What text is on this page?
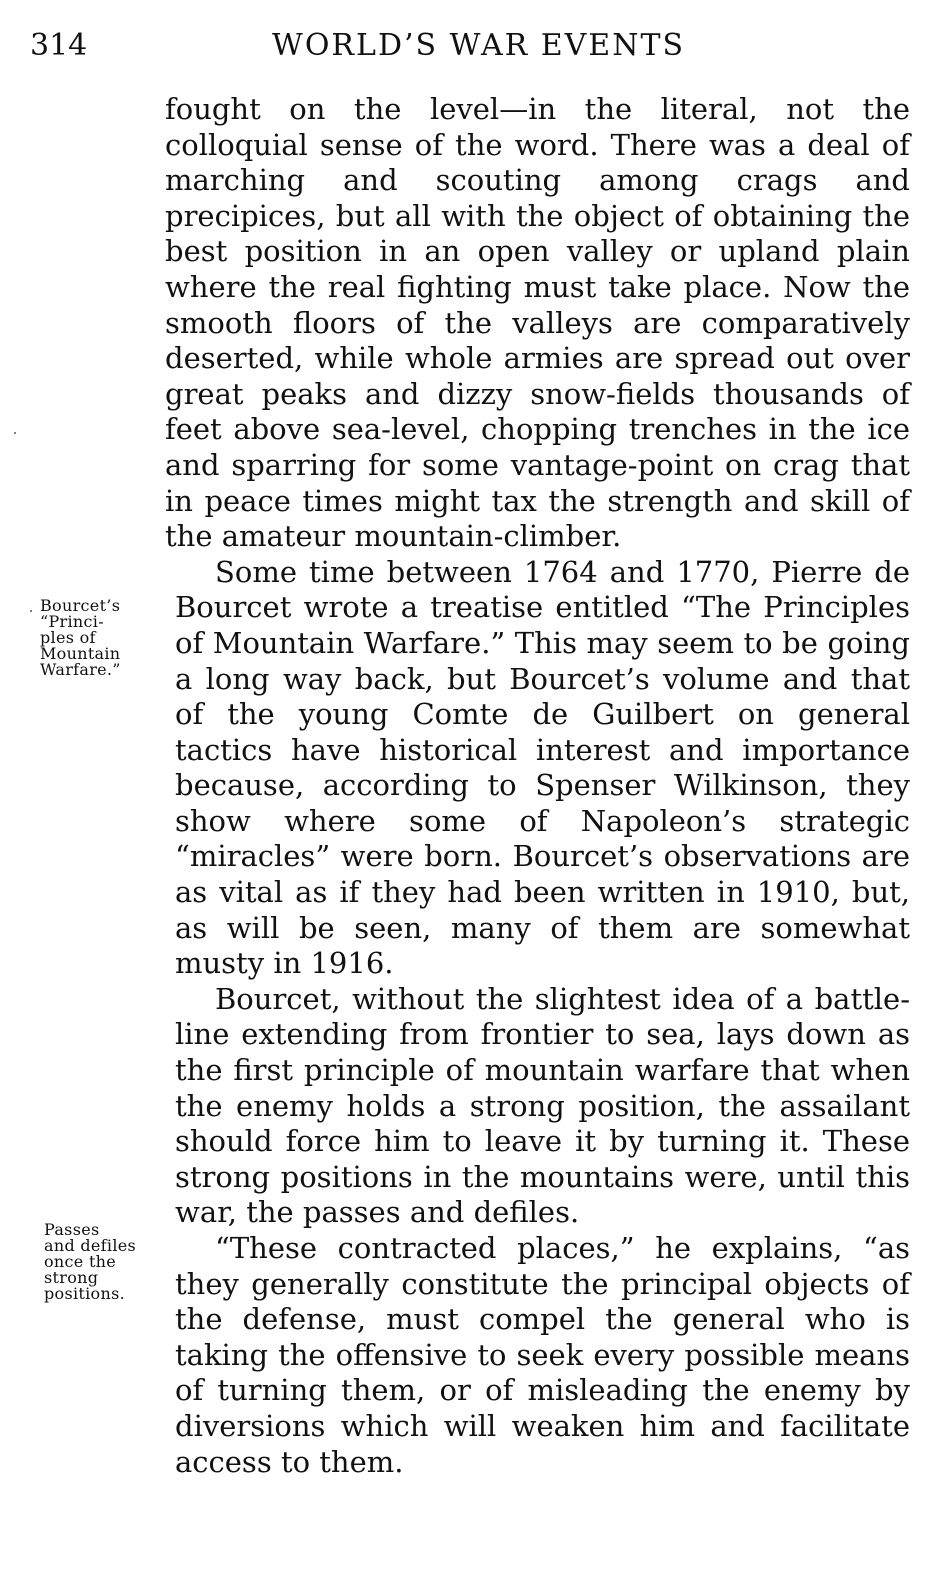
314	WORLD’S WAR EVENTS
Bourcet’s
“Princi-
ples of
Mountain
Warfare.”
Passes
and defiles
once the
strong
positions.

fought on the level—in the literal, not the colloquial sense of the word. There was a deal of marching and scouting among crags and precipices, but all with the object of obtaining the best position in an open valley or upland plain where the real fighting must take place. Now the smooth floors of the valleys are comparatively deserted, while whole armies are spread out over great peaks and dizzy snow-fields thousands of feet above sea-level, chopping trenches in the ice and sparring for some vantage-point on crag that in peace times might tax the strength and skill of the amateur mountain-climber.

Some time between 1764 and 1770, Pierre de Bourcet wrote a treatise entitled “The Principles of Mountain Warfare.” This may seem to be going a long way back, but Bourcet’s volume and that of the young Comte de Guilbert on general tactics have historical interest and importance because, according to Spenser Wilkinson, they show where some of Napoleon’s strategic “miracles” were born. Bourcet’s observations are as vital as if they had been written in 1910, but, as will be seen, many of them are somewhat musty in 1916.

Bourcet, without the slightest idea of a battle-line extending from frontier to sea, lays down as the first principle of mountain warfare that when the enemy holds a strong position, the assailant should force him to leave it by turning it. These strong positions in the mountains were, until this war, the passes and defiles.

“These contracted places,” he explains, “as they generally constitute the principal objects of the defense, must compel the general who is taking the offensive to seek every possible means of turning them, or of misleading the enemy by diversions which will weaken him and facilitate access to them.
